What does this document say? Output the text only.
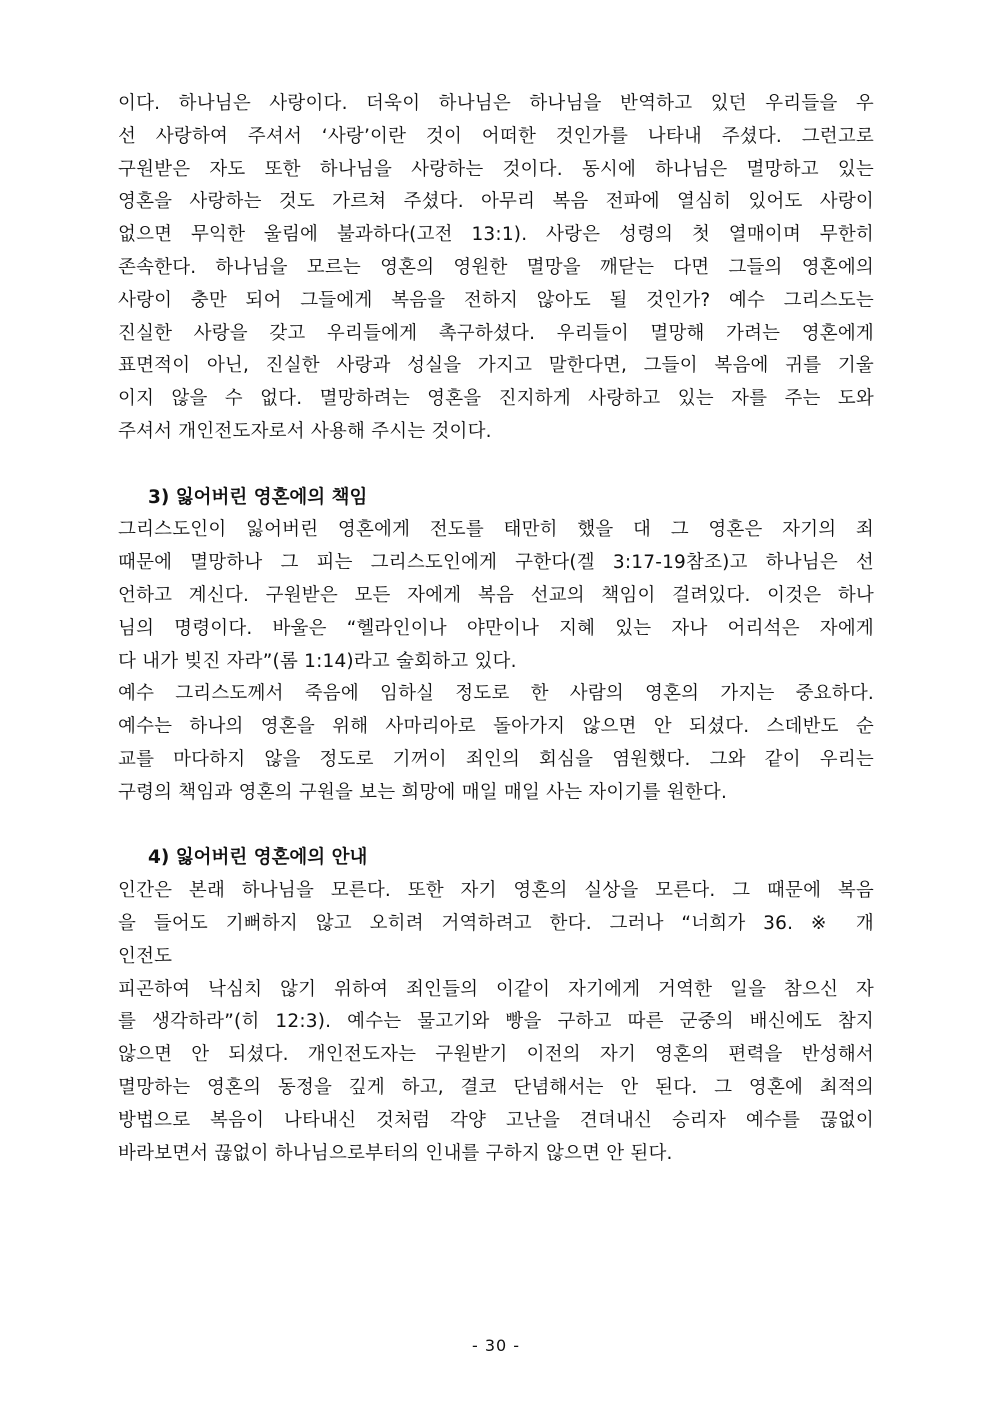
이다. 하나님은 사랑이다. 더욱이 하나님은 하나님을 반역하고 있던 우리들을 우
선 사랑하여 주셔서 ‘사랑’이란 것이 어떠한 것인가를 나타내 주셨다. 그런고로
구원받은 자도 또한 하나님을 사랑하는 것이다. 동시에 하나님은 멸망하고 있는
영혼을 사랑하는 것도 가르쳐 주셨다. 아무리 복음 전파에 열심히 있어도 사랑이
없으면 무익한 울림에 불과하다(고전 13:1). 사랑은 성령의 첫 열매이며 무한히
존속한다. 하나님을 모르는 영혼의 영원한 멸망을 깨닫는 다면 그들의 영혼에의
사랑이 충만 되어 그들에게 복음을 전하지 않아도 될 것인가? 예수 그리스도는
진실한 사랑을 갖고 우리들에게 촉구하셨다. 우리들이 멸망해 가려는 영혼에게
표면적이 아닌, 진실한 사랑과 성실을 가지고 말한다면, 그들이 복음에 귀를 기울
이지 않을 수 없다. 멸망하려는 영혼을 진지하게 사랑하고 있는 자를 주는 도와
주셔서 개인전도자로서 사용해 주시는 것이다.
3) 잃어버린 영혼에의 책임
그리스도인이 잃어버린 영혼에게 전도를 태만히 했을 대 그 영혼은 자기의 죄
때문에 멸망하나 그 피는 그리스도인에게 구한다(겔 3:17-19참조)고 하나님은 선
언하고 계신다. 구원받은 모든 자에게 복음 선교의 책임이 걸려있다. 이것은 하나
님의 명령이다. 바울은 “헬라인이나 야만이나 지혜 있는 자나 어리석은 자에게
다 내가 빚진 자라”(롬 1:14)라고 술회하고 있다.
예수 그리스도께서 죽음에 임하실 정도로 한 사람의 영혼의 가지는 중요하다.
예수는 하나의 영혼을 위해 사마리아로 돌아가지 않으면 안 되셨다. 스데반도 순
교를 마다하지 않을 정도로 기꺼이 죄인의 회심을 염원했다. 그와 같이 우리는
구령의 책임과 영혼의 구원을 보는 희망에 매일 매일 사는 자이기를 원한다.
4) 잃어버린 영혼에의 안내
인간은 본래 하나님을 모른다. 또한 자기 영혼의 실상을 모른다. 그 때문에 복음
을 들어도 기뻐하지 않고 오히려 거역하려고 한다. 그러나 “너희가 36. ※ 개
인전도
피곤하여 낙심치 않기 위하여 죄인들의 이같이 자기에게 거역한 일을 참으신 자
를 생각하라”(히 12:3). 예수는 물고기와 빵을 구하고 따른 군중의 배신에도 참지
않으면 안 되셨다. 개인전도자는 구원받기 이전의 자기 영혼의 편력을 반성해서
멸망하는 영혼의 동정을 깊게 하고, 결코 단념해서는 안 된다. 그 영혼에 최적의
방법으로 복음이 나타내신 것처럼 각양 고난을 견뎌내신 승리자 예수를 끊없이
바라보면서 끊없이 하나님으로부터의 인내를 구하지 않으면 안 된다.
- 30 -
